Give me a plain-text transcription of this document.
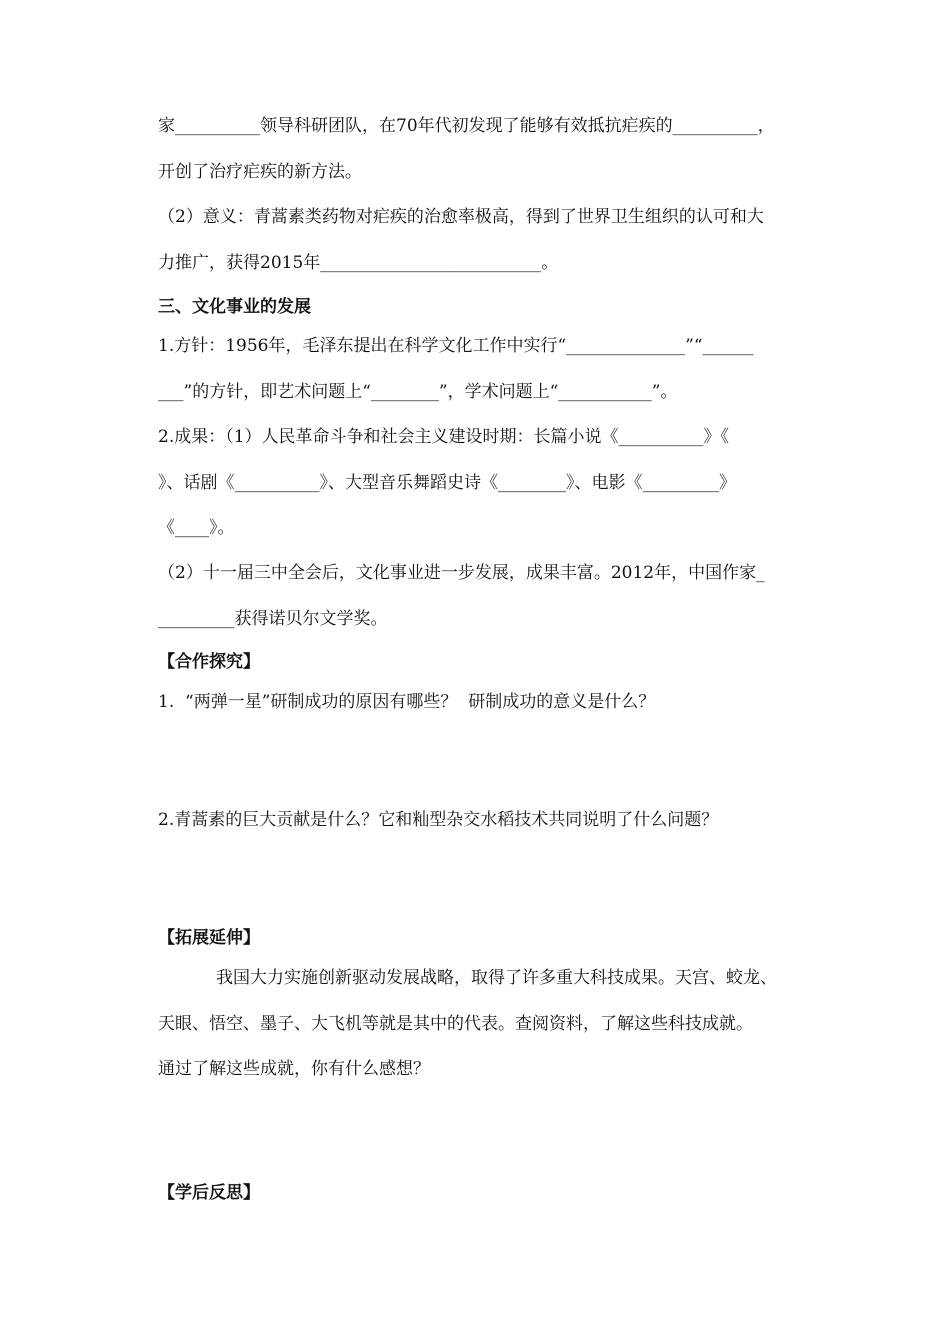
家__________领导科研团队，在70年代初发现了能够有效抵抗疟疾的__________，
开创了治疗疟疾的新方法。
（2）意义：青蒿素类药物对疟疾的治愈率极高，得到了世界卫生组织的认可和大
力推广，获得2015年__________________________。
三、文化事业的发展
1.方针：1956年，毛泽东提出在科学文化工作中实行“______________”“______
___”的方针，即艺术问题上“________”，学术问题上“___________”。
2.成果：（1）人民革命斗争和社会主义建设时期：长篇小说《__________》《
》、话剧《__________》、大型音乐舞蹈史诗《________》、电影《_________》
《____》。
（2）十一届三中全会后，文化事业进一步发展，成果丰富。2012年，中国作家_
_________获得诺贝尔文学奖。
【合作探究】
1.  “两弹一星”研制成功的原因有哪些？  研制成功的意义是什么？
2.青蒿素的巨大贡献是什么？它和籼型杂交水稻技术共同说明了什么问题？
【拓展延伸】
我国大力实施创新驱动发展战略，取得了许多重大科技成果。天宫、蛟龙、
天眼、悟空、墨子、大飞机等就是其中的代表。查阅资料，了解这些科技成就。
通过了解这些成就，你有什么感想？
【学后反思】
